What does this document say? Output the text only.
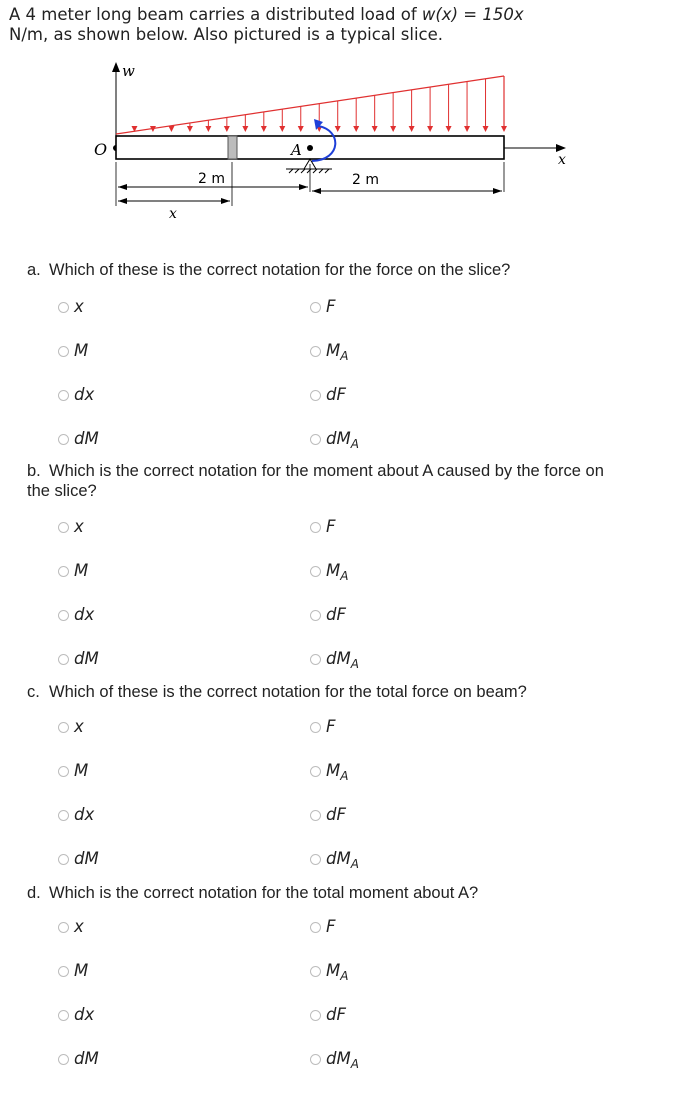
A 4 meter long beam carries a distributed load of w(x) = 150x
N/m, as shown below. Also pictured is a typical slice.
w
x
O	A
2 m	2 m
x
a. Which of these is the correct notation for the force on the slice?
x	F
M	$M_A$
dx	dF
dM	$dM_A$
b. Which is the correct notation for the moment about A caused by the force on the slice?
x	F
M	$M_A$
dx	dF
dM	$dM_A$
c. Which of these is the correct notation for the total force on beam?
x	F
M	$M_A$
dx	dF
dM	$dM_A$
d. Which is the correct notation for the total moment about A?
x	F
M	$M_A$
dx	dF
dM	$dM_A$
